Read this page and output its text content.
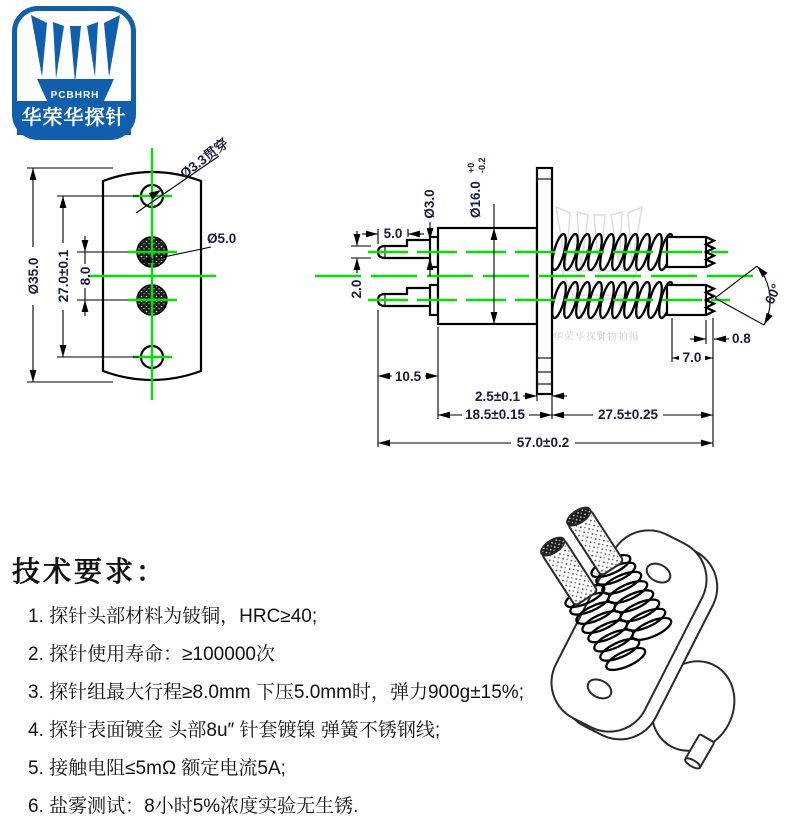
PCBHRH
华荣华探针
Ø35.0 27.0±0.1 8.0
Ø5.0
Ø3.3贯穿
华荣华探针
实物拍摄
5.0
Ø3.0
2.0
Ø16.0
+0 -0.2
10.5
2.5±0.1
18.5±0.15	27.5±0.25
57.0±0.2
7.0
0.8
60°
技术要求：
1. 探针头部材料为铍铜，HRC≥40;
2. 探针使用寿命：≥100000次
3. 探针组最大行程≥8.0mm 下压5.0mm时，弹力900g±15%;
4. 探针表面镀金 头部8u″ 针套镀镍 弹簧不锈钢线;
5. 接触电阻≤5mΩ 额定电流5A;
6. 盐雾测试：8小时5%浓度实验无生锈.
